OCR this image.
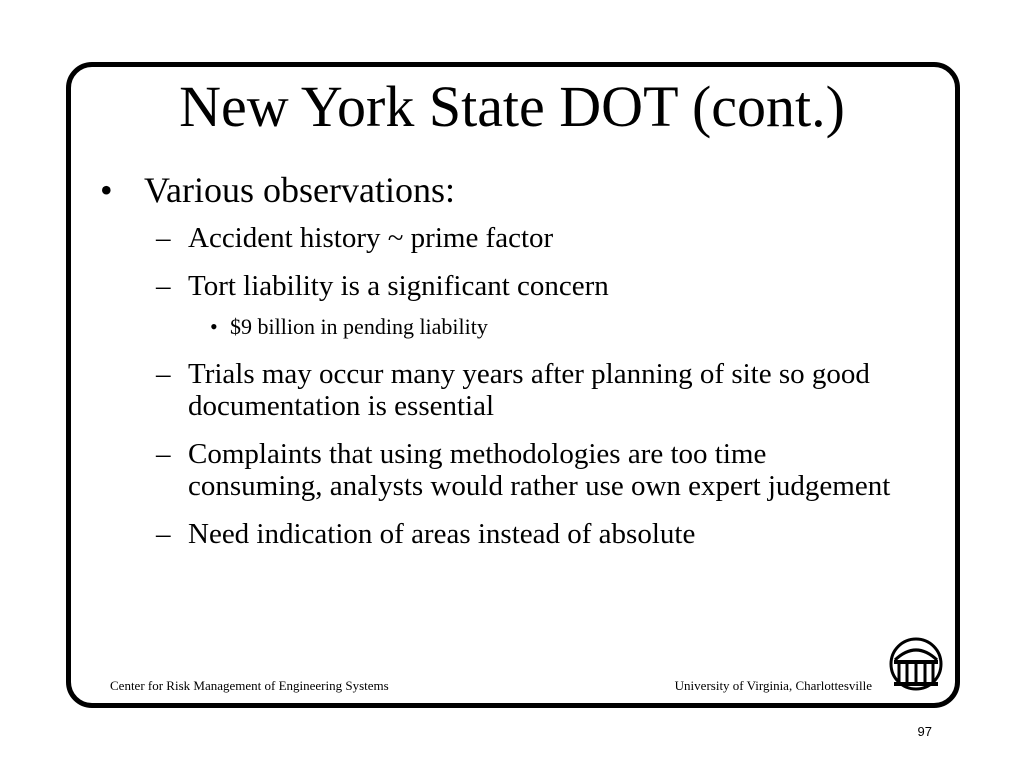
New York State DOT (cont.)
• Various observations:
– Accident history ~ prime factor
– Tort liability is a significant concern
• $9 billion in pending liability
– Trials may occur many years after planning of site so good documentation is essential
– Complaints that using methodologies are too time consuming, analysts would rather use own expert judgement
– Need indication of areas instead of absolute
Center for Risk Management of Engineering Systems	University of Virginia, Charlottesville
97
